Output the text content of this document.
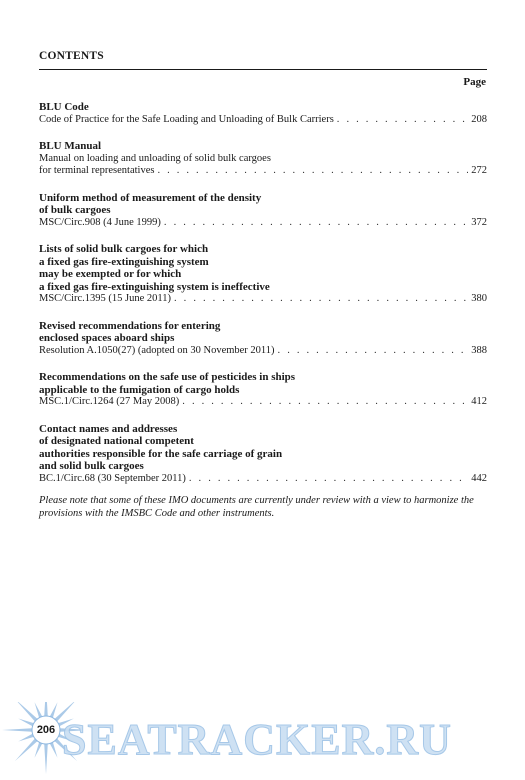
CONTENTS
Page
BLU Code
Code of Practice for the Safe Loading and Unloading of Bulk Carriers . . .	208
BLU Manual
Manual on loading and unloading of solid bulk cargoes
for terminal representatives . . .	272
Uniform method of measurement of the density
of bulk cargoes
MSC/Circ.908 (4 June 1999) . . .	372
Lists of solid bulk cargoes for which
a fixed gas fire-extinguishing system
may be exempted or for which
a fixed gas fire-extinguishing system is ineffective
MSC/Circ.1395 (15 June 2011) . . .	380
Revised recommendations for entering
enclosed spaces aboard ships
Resolution A.1050(27) (adopted on 30 November 2011) . . .	388
Recommendations on the safe use of pesticides in ships
applicable to the fumigation of cargo holds
MSC.1/Circ.1264 (27 May 2008) . . .	412
Contact names and addresses
of designated national competent
authorities responsible for the safe carriage of grain
and solid bulk cargoes
BC.1/Circ.68 (30 September 2011) . . .	442
Please note that some of these IMO documents are currently under review with a view to harmonize the provisions with the IMSBC Code and other instruments.
206 SEATRACKER.RU
